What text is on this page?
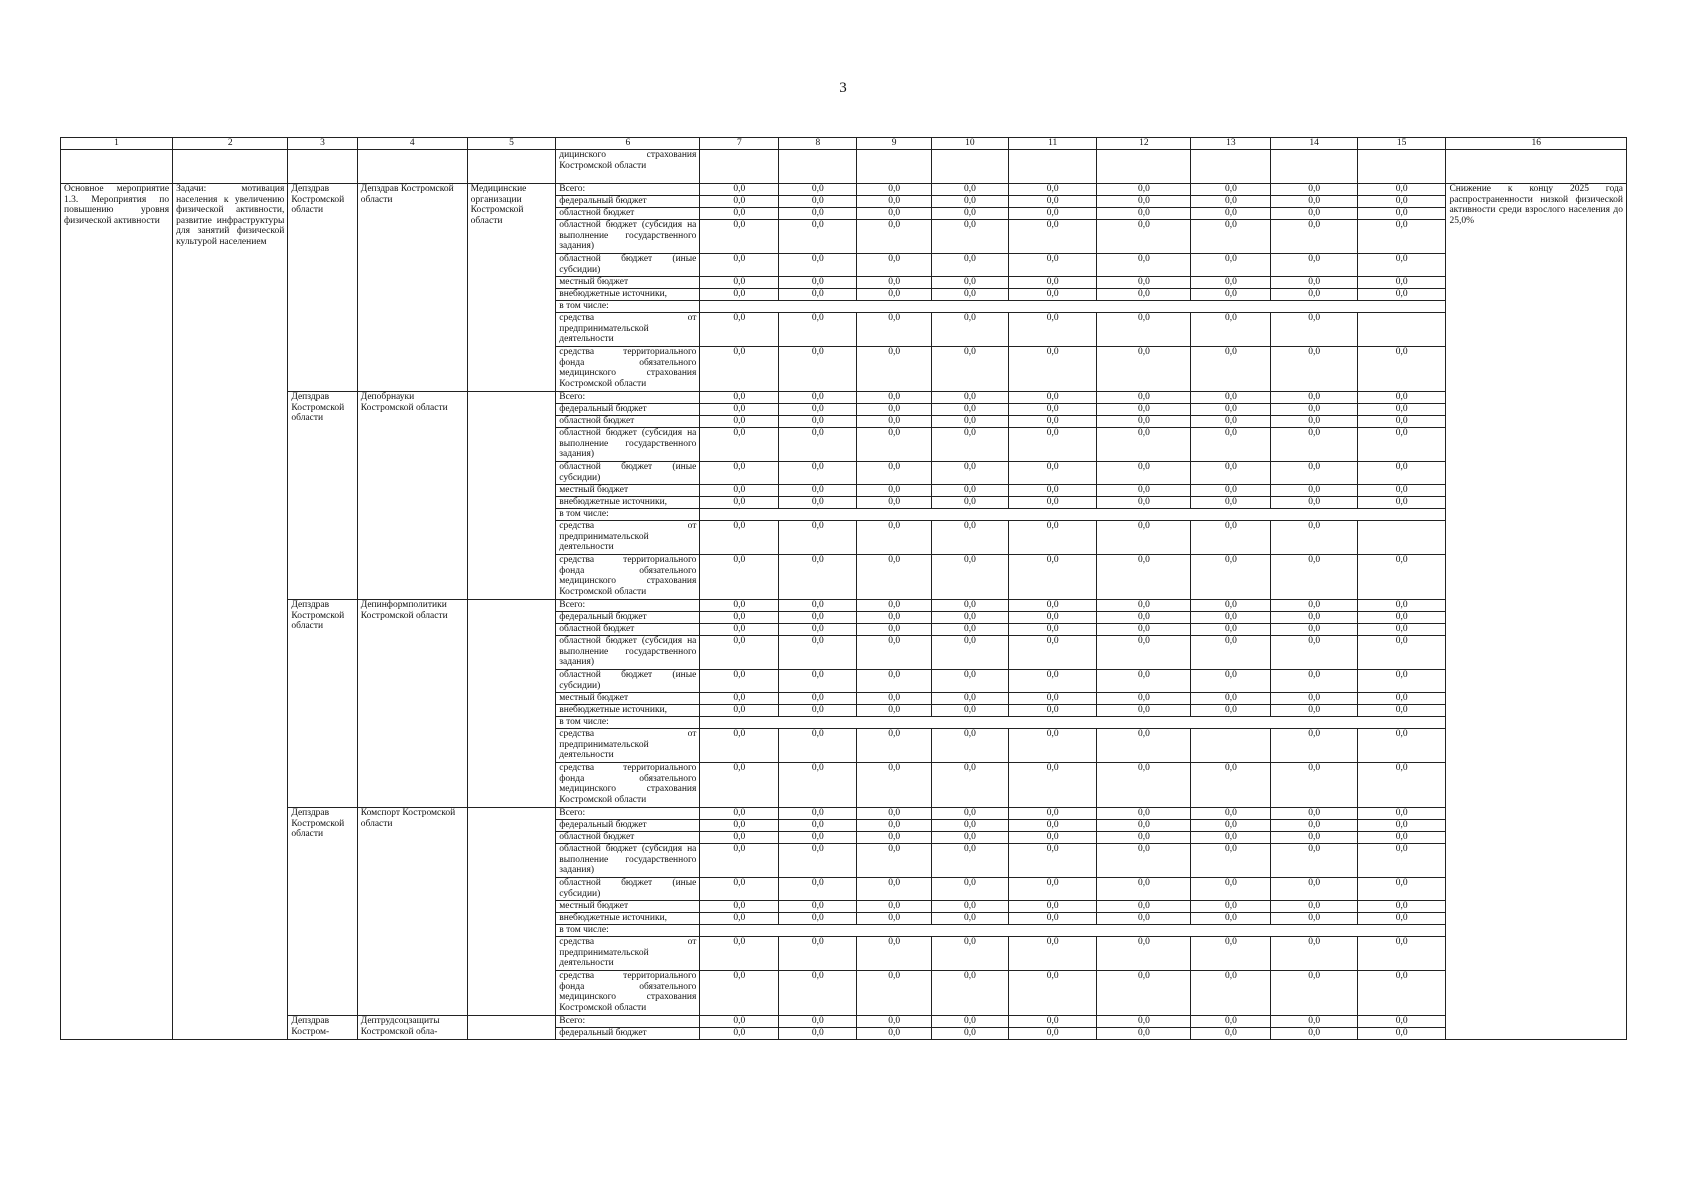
3
1	2	3	4	5	6	7	8	9	10	11	12	13	14	15	16
					дицинского страхования Костромской области										
Основное мероприятие 1.3. Мероприятия по повышению уровня физической активности	Задачи: мотивация населения к увеличению физической активности, развитие инфраструктуры для занятий физической культурой населением	Депздрав Костромской области	Депздрав Костромской области	Медицинские организации Костромской области	Всего:	0,0	0,0	0,0	0,0	0,0	0,0	0,0	0,0	0,0	Снижение к концу 2025 года распространенности низкой физической активности среди взрослого населения до 25,0%
					федеральный бюджет	0,0	0,0	0,0	0,0	0,0	0,0	0,0	0,0	0,0	
					областной бюджет	0,0	0,0	0,0	0,0	0,0	0,0	0,0	0,0	0,0	
					областной бюджет (субсидия на выполнение государственного задания)	0,0	0,0	0,0	0,0	0,0	0,0	0,0	0,0	0,0	
					областной бюджет (иные субсидии)	0,0	0,0	0,0	0,0	0,0	0,0	0,0	0,0	0,0	
					местный бюджет	0,0	0,0	0,0	0,0	0,0	0,0	0,0	0,0	0,0	
					внебюджетные источники,	0,0	0,0	0,0	0,0	0,0	0,0	0,0	0,0	0,0	
					в том числе:										
					средства от предпринимательской деятельности	0,0	0,0	0,0	0,0	0,0	0,0	0,0	0,0		
					средства территориального фонда обязательного медицинского страхования Костромской области	0,0	0,0	0,0	0,0	0,0	0,0	0,0	0,0	0,0	
		Депздрав Костромской области	Депобрнауки Костромской области		Всего:	0,0	0,0	0,0	0,0	0,0	0,0	0,0	0,0	0,0	
					федеральный бюджет	0,0	0,0	0,0	0,0	0,0	0,0	0,0	0,0	0,0	
					областной бюджет	0,0	0,0	0,0	0,0	0,0	0,0	0,0	0,0	0,0	
					областной бюджет (субсидия на выполнение государственного задания)	0,0	0,0	0,0	0,0	0,0	0,0	0,0	0,0	0,0	
					областной бюджет (иные субсидии)	0,0	0,0	0,0	0,0	0,0	0,0	0,0	0,0	0,0	
					местный бюджет	0,0	0,0	0,0	0,0	0,0	0,0	0,0	0,0	0,0	
					внебюджетные источники,	0,0	0,0	0,0	0,0	0,0	0,0	0,0	0,0	0,0	
					в том числе:										
					средства от предпринимательской деятельности	0,0	0,0	0,0	0,0	0,0	0,0	0,0	0,0		
					средства территориального фонда обязательного медицинского страхования Костромской области	0,0	0,0	0,0	0,0	0,0	0,0	0,0	0,0	0,0	
		Депздрав Костромской области	Депинформполитики Костромской области		Всего:	0,0	0,0	0,0	0,0	0,0	0,0	0,0	0,0	0,0	
					федеральный бюджет	0,0	0,0	0,0	0,0	0,0	0,0	0,0	0,0	0,0	
					областной бюджет	0,0	0,0	0,0	0,0	0,0	0,0	0,0	0,0	0,0	
					областной бюджет (субсидия на выполнение государственного задания)	0,0	0,0	0,0	0,0	0,0	0,0	0,0	0,0	0,0	
					областной бюджет (иные субсидии)	0,0	0,0	0,0	0,0	0,0	0,0	0,0	0,0	0,0	
					местный бюджет	0,0	0,0	0,0	0,0	0,0	0,0	0,0	0,0	0,0	
					внебюджетные источники,	0,0	0,0	0,0	0,0	0,0	0,0	0,0	0,0	0,0	
					в том числе:										
					средства от предпринимательской деятельности	0,0	0,0	0,0	0,0	0,0	0,0		0,0	0,0	
					средства территориального фонда обязательного медицинского страхования Костромской области	0,0	0,0	0,0	0,0	0,0	0,0	0,0	0,0	0,0	
		Депздрав Костромской области	Комспорт Костромской области		Всего:	0,0	0,0	0,0	0,0	0,0	0,0	0,0	0,0	0,0	
					федеральный бюджет	0,0	0,0	0,0	0,0	0,0	0,0	0,0	0,0	0,0	
					областной бюджет	0,0	0,0	0,0	0,0	0,0	0,0	0,0	0,0	0,0	
					областной бюджет (субсидия на выполнение государственного задания)	0,0	0,0	0,0	0,0	0,0	0,0	0,0	0,0	0,0	
					областной бюджет (иные субсидии)	0,0	0,0	0,0	0,0	0,0	0,0	0,0	0,0	0,0	
					местный бюджет	0,0	0,0	0,0	0,0	0,0	0,0	0,0	0,0	0,0	
					внебюджетные источники,	0,0	0,0	0,0	0,0	0,0	0,0	0,0	0,0	0,0	
					в том числе:										
					средства от предпринимательской деятельности	0,0	0,0	0,0	0,0	0,0	0,0	0,0	0,0	0,0	
					средства территориального фонда обязательного медицинского страхования Костромской области	0,0	0,0	0,0	0,0	0,0	0,0	0,0	0,0	0,0	
		Депздрав Костром-	Дептрудсоцзащиты Костромской обла-		Всего:	0,0	0,0	0,0	0,0	0,0	0,0	0,0	0,0	0,0	
					федеральный бюджет	0,0	0,0	0,0	0,0	0,0	0,0	0,0	0,0	0,0	
